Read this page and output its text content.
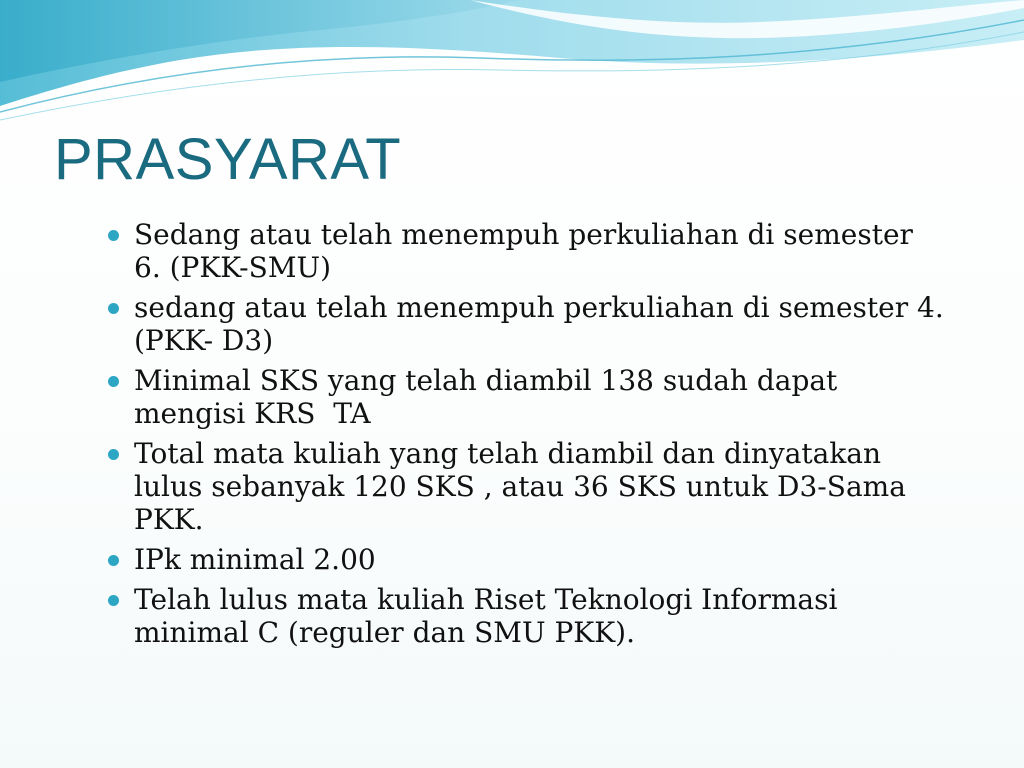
PRASYARAT
Sedang atau telah menempuh perkuliahan di semester
6. (PKK-SMU)
sedang atau telah menempuh perkuliahan di semester 4.
(PKK- D3)
Minimal SKS yang telah diambil 138 sudah dapat
mengisi KRS  TA
Total mata kuliah yang telah diambil dan dinyatakan
lulus sebanyak 120 SKS , atau 36 SKS untuk D3-Sama
PKK.
IPk minimal 2.00
Telah lulus mata kuliah Riset Teknologi Informasi
minimal C (reguler dan SMU PKK).
